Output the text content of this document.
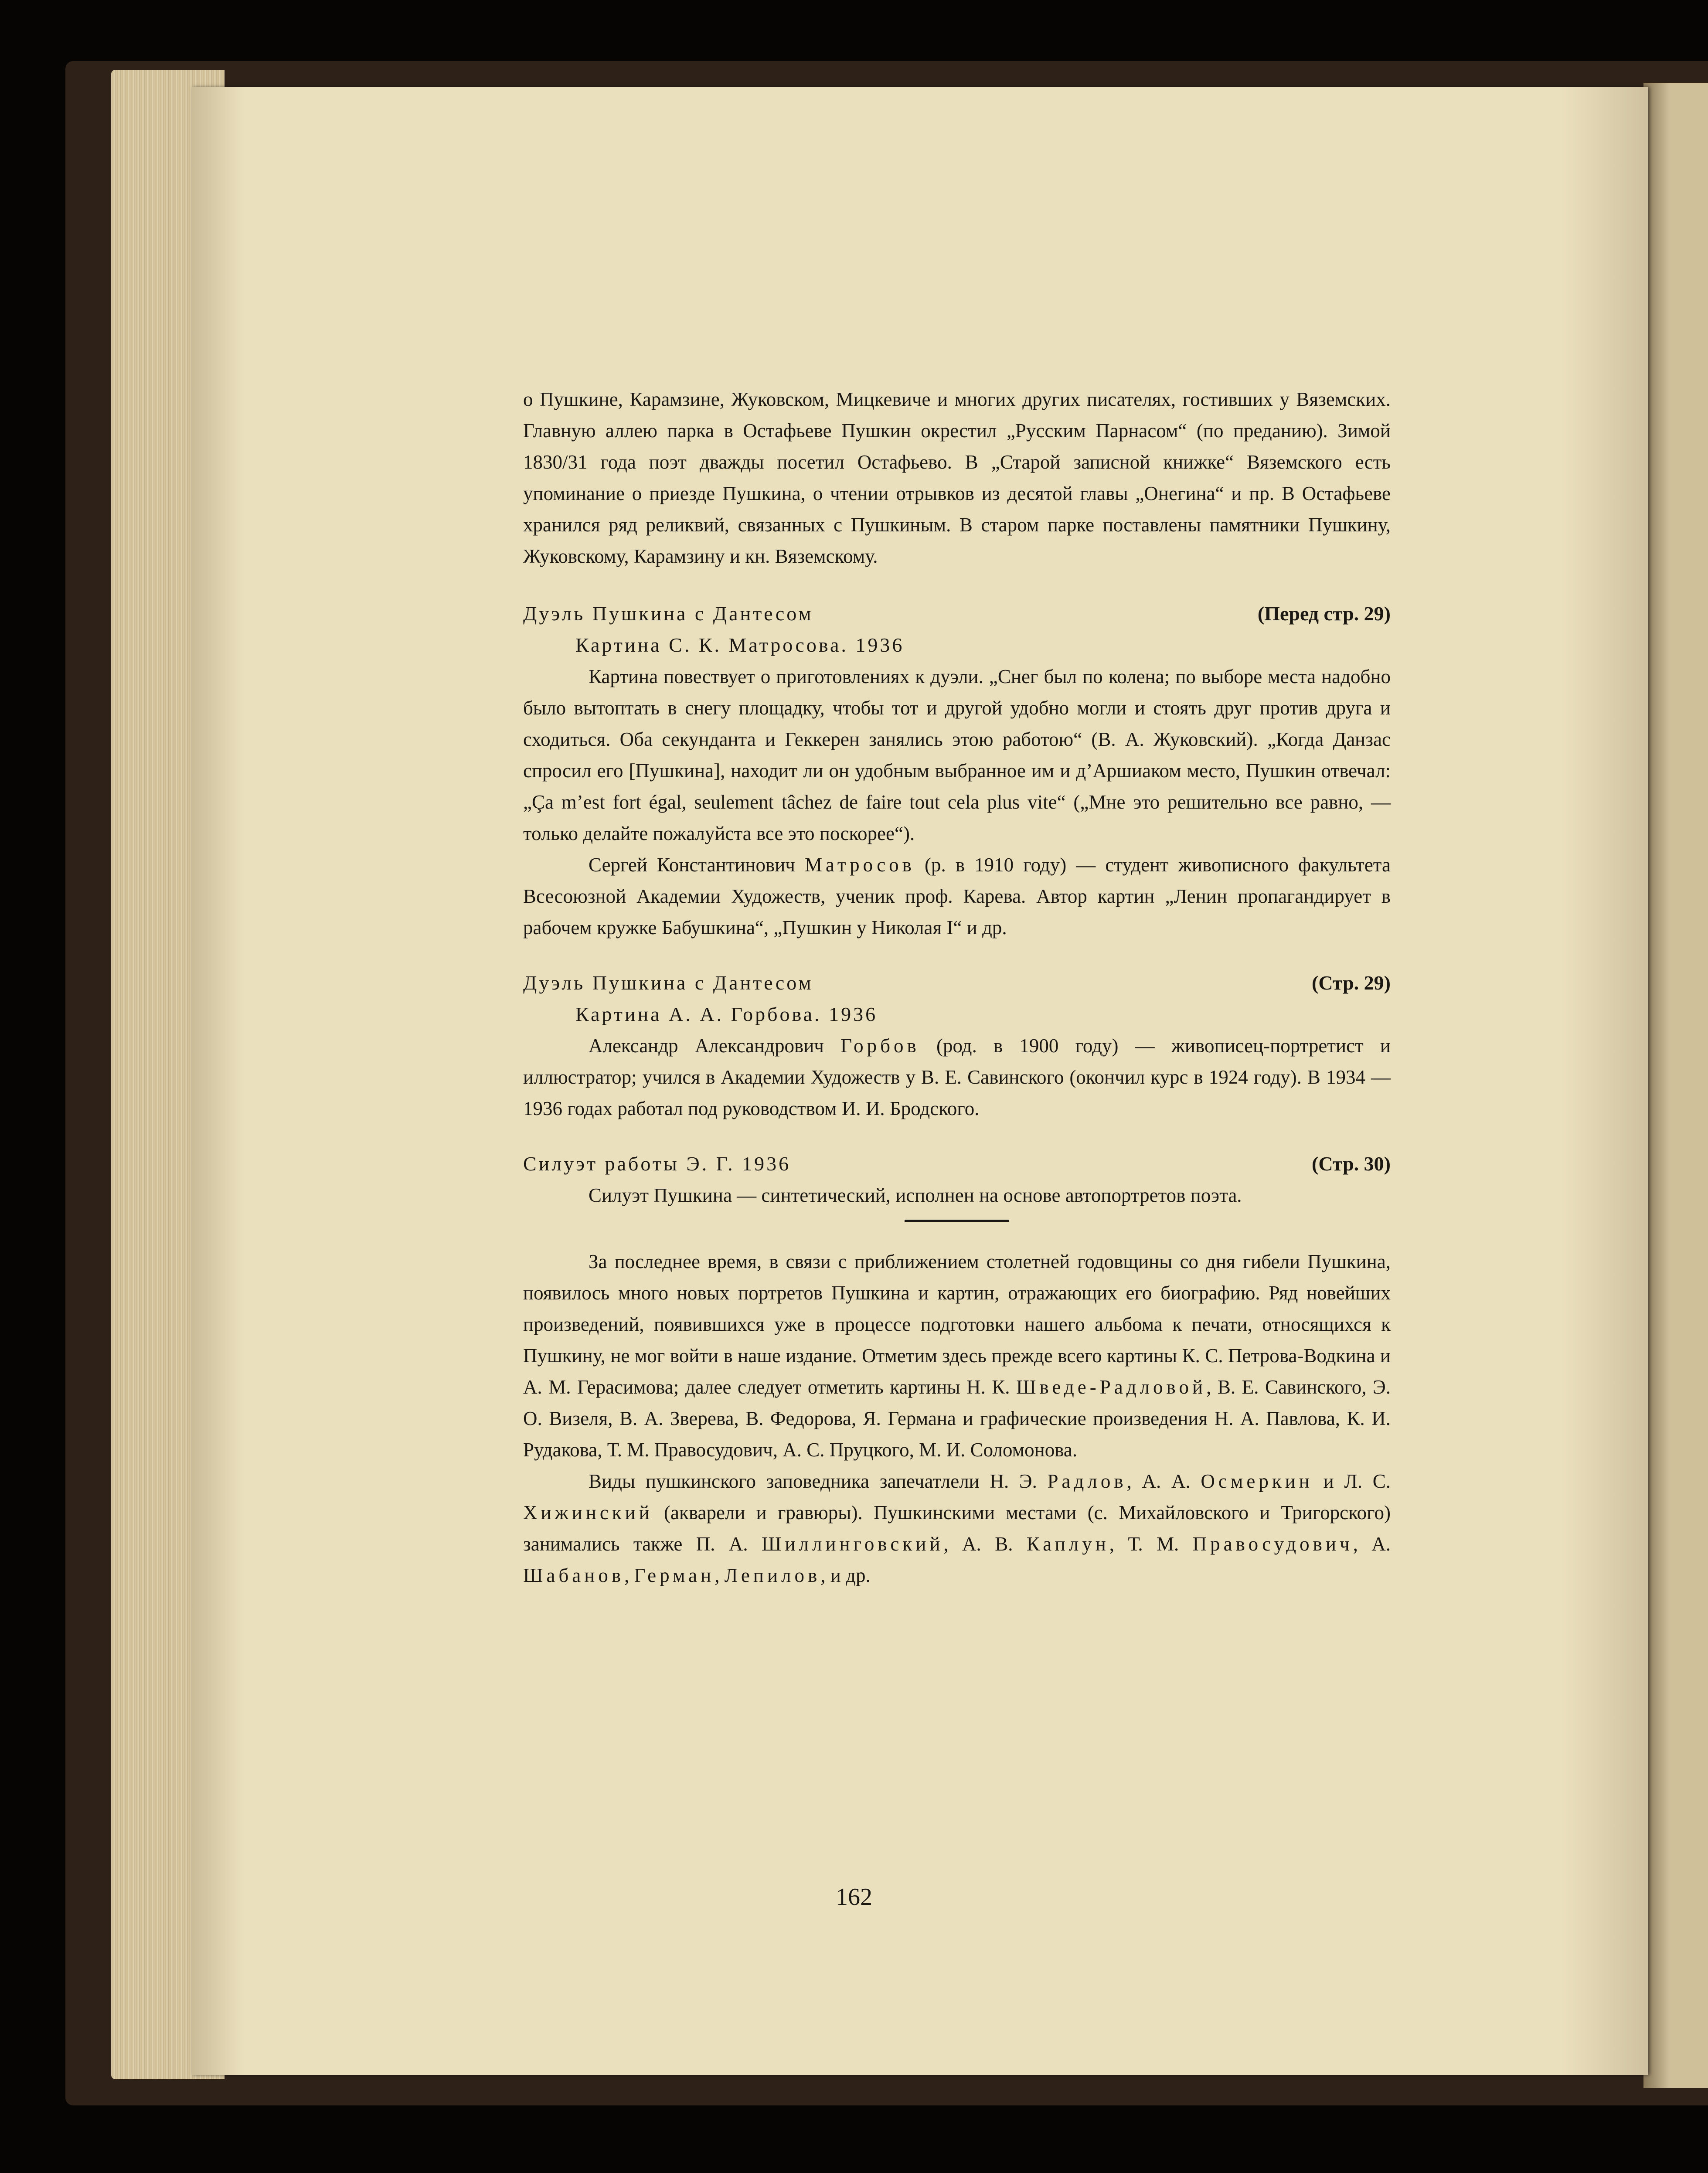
о Пушкине, Карамзине, Жуковском, Мицкевиче и многих других писателях, гостивших у Вяземских. Главную аллею парка в Остафьеве Пушкин окрестил „Русским Парнасом“ (по преданию). Зимой 1830/31 года поэт дважды посетил Остафьево. В „Старой записной книжке“ Вяземского есть упоминание о приезде Пушкина, о чтении отрывков из десятой главы „Онегина“ и пр. В Остафьеве хранился ряд реликвий, связанных с Пушкиным. В старом парке поставлены памятники Пушкину, Жуковскому, Карамзину и кн. Вяземскому.

Дуэль Пушкина с Дантесом	(Перед стр. 29)

Картина С. К. Матросова. 1936

Картина повествует о приготовлениях к дуэли. „Снег был по колена; по выборе места надобно было вытоптать в снегу площадку, чтобы тот и другой удобно могли и стоять друг против друга и сходиться. Оба секунданта и Геккерен занялись этою работою“ (В. А. Жуковский). „Когда Данзас спросил его [Пушкина], находит ли он удобным выбранное им и д’Аршиаком место, Пушкин отвечал: „Ça m’est fort égal, seulement tâchez de faire tout cela plus vite“ („Мне это решительно все равно, — только делайте пожалуйста все это поскорее“).

Сергей Константинович Матросов (р. в 1910 году) — студент живописного факультета Всесоюзной Академии Художеств, ученик проф. Карева. Автор картин „Ленин пропагандирует в рабочем кружке Бабушкина“, „Пушкин у Николая I“ и др.

Дуэль Пушкина с Дантесом	(Стр. 29)

Картина А. А. Горбова. 1936

Александр Александрович Горбов (род. в 1900 году) — живописец-портретист и иллюстратор; учился в Академии Художеств у В. Е. Савинского (окончил курс в 1924 году). В 1934 — 1936 годах работал под руководством И. И. Бродского.

Силуэт работы Э. Г. 1936	(Стр. 30)

Силуэт Пушкина — синтетический, исполнен на основе автопортретов поэта.

За последнее время, в связи с приближением столетней годовщины со дня гибели Пушкина, появилось много новых портретов Пушкина и картин, отражающих его биографию. Ряд новейших произведений, появившихся уже в процессе подготовки нашего альбома к печати, относящихся к Пушкину, не мог войти в наше издание. Отметим здесь прежде всего картины К. С. Петрова-Водкина и А. М. Герасимова; далее следует отметить картины Н. К. Шведе-Радловой, В. Е. Савинского, Э. О. Визеля, В. А. Зверева, В. Федорова, Я. Германа и графические произведения Н. А. Павлова, К. И. Рудакова, Т. М. Правосудович, А. С. Пруцкого, М. И. Соломонова.

Виды пушкинского заповедника запечатлели Н. Э. Радлов, А. А. Осмеркин и Л. С. Хижинский (акварели и гравюры). Пушкинскими местами (с. Михайловского и Тригорского) занимались также П. А. Шиллинговский, А. В. Каплун, Т. М. Правосудович, А. Шабанов, Герман, Лепилов, и др.

162
